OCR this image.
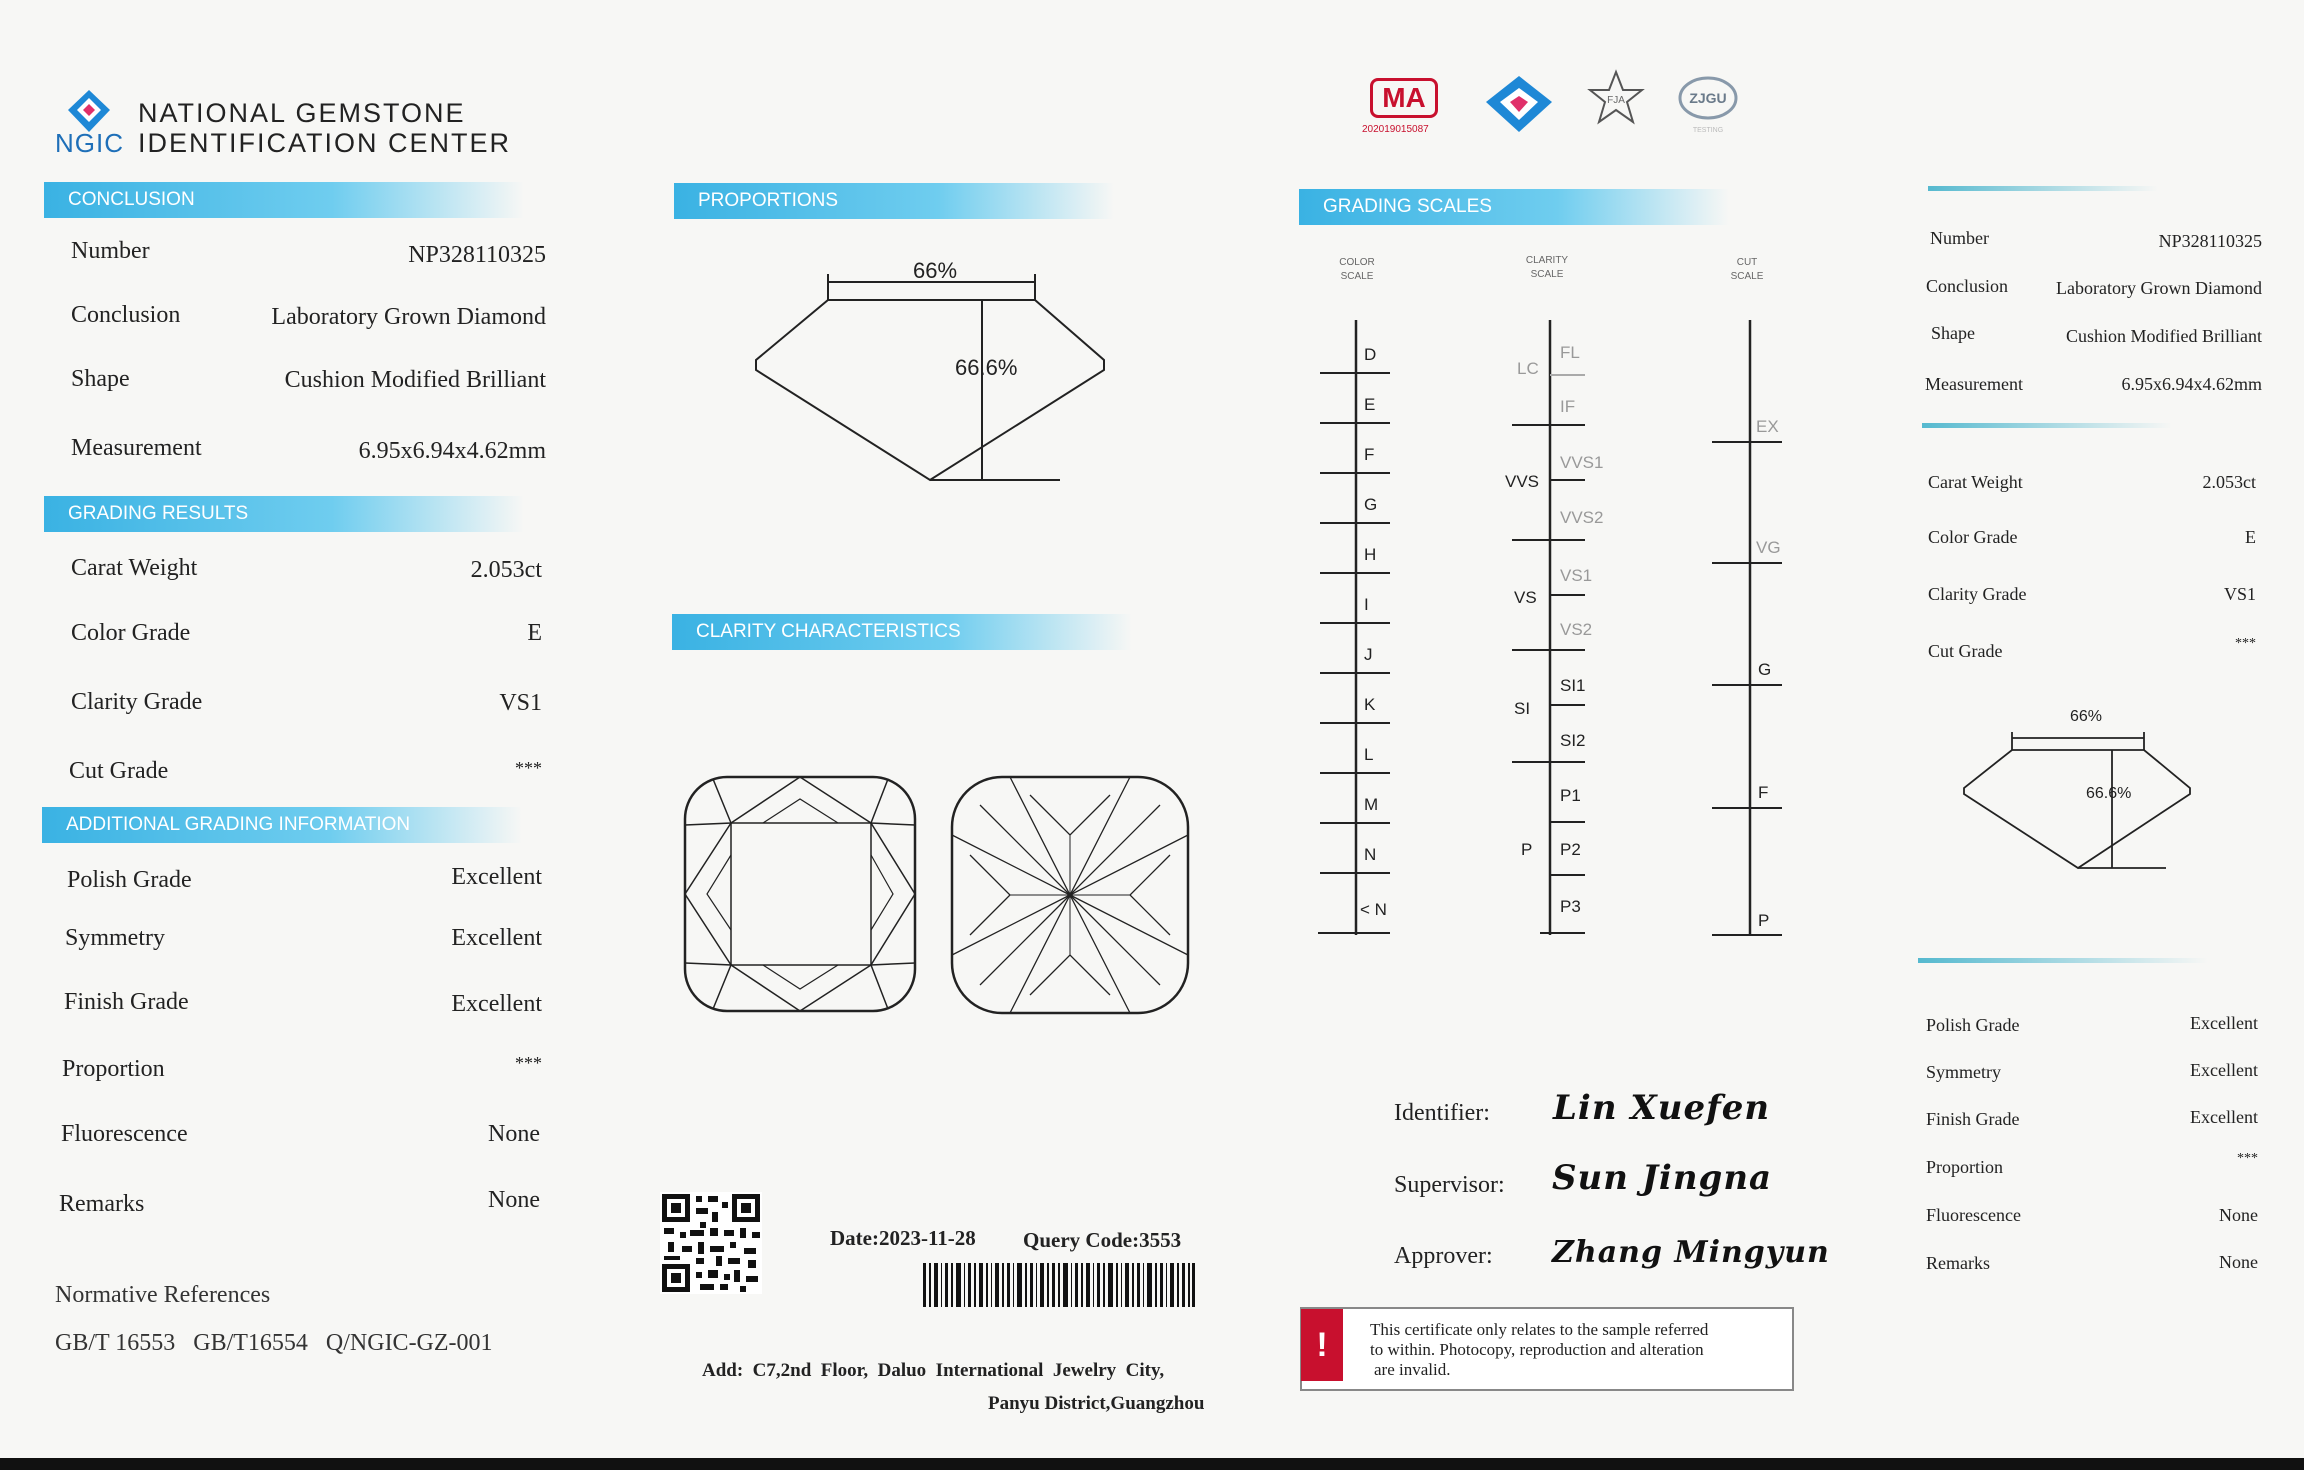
NGIC
NATIONAL GEMSTONE
IDENTIFICATION CENTER
CONCLUSION
Number	NP328110325
Conclusion	Laboratory Grown Diamond
Shape	Cushion Modified Brilliant
Measurement	6.95x6.94x4.62mm
GRADING RESULTS
Carat Weight	2.053ct
Color Grade	E
Clarity Grade	VS1
Cut Grade	***
ADDITIONAL GRADING INFORMATION
Polish Grade	Excellent
Symmetry	Excellent
Finish Grade	Excellent
Proportion	***
Fluorescence	None
Remarks	None
Normative References
GB/T 16553   GB/T16554   Q/NGIC-GZ-001
PROPORTIONS
66%
66.6%
CLARITY CHARACTERISTICS
Date:2023-11-28 Query Code:3553
Add:  C7,2nd  Floor,  Daluo  International  Jewelry  City,
Panyu District,Guangzhou
MA
202019015087
FJA	ZJGU
TESTING
GRADING SCALES
COLOR
SCALE
CLARITY
SCALE
CUT
SCALE
D
E
F
G
H
I
J
K
L
M
N
< N
LC
VVS
VS
SI
P
FL
IF
VVS1
VVS2
VS1
VS2
SI1
SI2
P1
P2
P3
EX
VG
G
F
P
Identifier: Lin Xuefen
Supervisor: Sun Jingna
Approver: Zhang Mingyun
!	This certificate only relates to the sample referred
to within. Photocopy, reproduction and alteration
are invalid.
Number	NP328110325
Conclusion	Laboratory Grown Diamond
Shape	Cushion Modified Brilliant
Measurement	6.95x6.94x4.62mm
Carat Weight	2.053ct
Color Grade	E
Clarity Grade	VS1
Cut Grade	***
66%
66.6%
Polish Grade	Excellent
Symmetry	Excellent
Finish Grade	Excellent
Proportion	***
Fluorescence	None
Remarks	None
